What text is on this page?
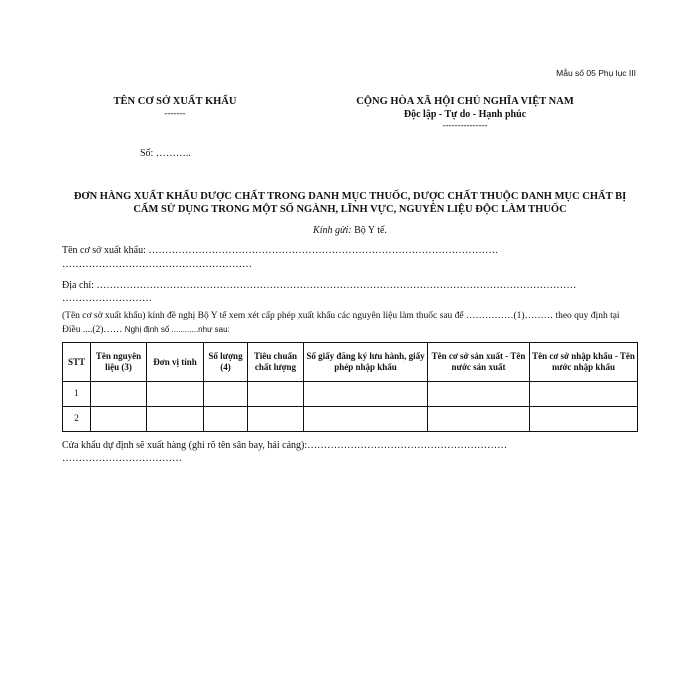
Mẫu số 05 Phụ lục III
TÊN CƠ SỞ XUẤT KHẨU
-------
CỘNG HÒA XÃ HỘI CHỦ NGHĨA VIỆT NAM
Độc lập - Tự do - Hạnh phúc
---------------
Số: ………..
ĐƠN HÀNG XUẤT KHẨU DƯỢC CHẤT TRONG DANH MỤC THUỐC, DƯỢC CHẤT THUỘC DANH MỤC CHẤT BỊ
CẤM SỬ DỤNG TRONG MỘT SỐ NGÀNH, LĨNH VỰC, NGUYÊN LIỆU ĐỘC LÀM THUỐC
Kính gửi: Bộ Y tế.
Tên cơ sở xuất khẩu: ……………………………………………………………………………………………
…………………………………………………
Địa chỉ: ………………………………………………………………………………………………………………………………
………………………
(Tên cơ sở xuất khẩu) kính đề nghị Bộ Y tế xem xét cấp phép xuất khẩu các nguyên liệu làm thuốc sau để ……………(1)……… theo quy định tại Điều ....(2)…… Nghị định số ............như sau:
STT	Tên nguyên liệu (3)	Đơn vị tính	Số lượng (4)	Tiêu chuẩn chất lượng	Số giấy đăng ký lưu hành, giấy phép nhập khẩu	Tên cơ sở sản xuất - Tên nước sản xuất	Tên cơ sở nhập khẩu - Tên nước nhập khẩu
1							
2							
Cửa khẩu dự định sẽ xuất hàng (ghi rõ tên sân bay, hải cảng):……………………………………………………
………………………………
